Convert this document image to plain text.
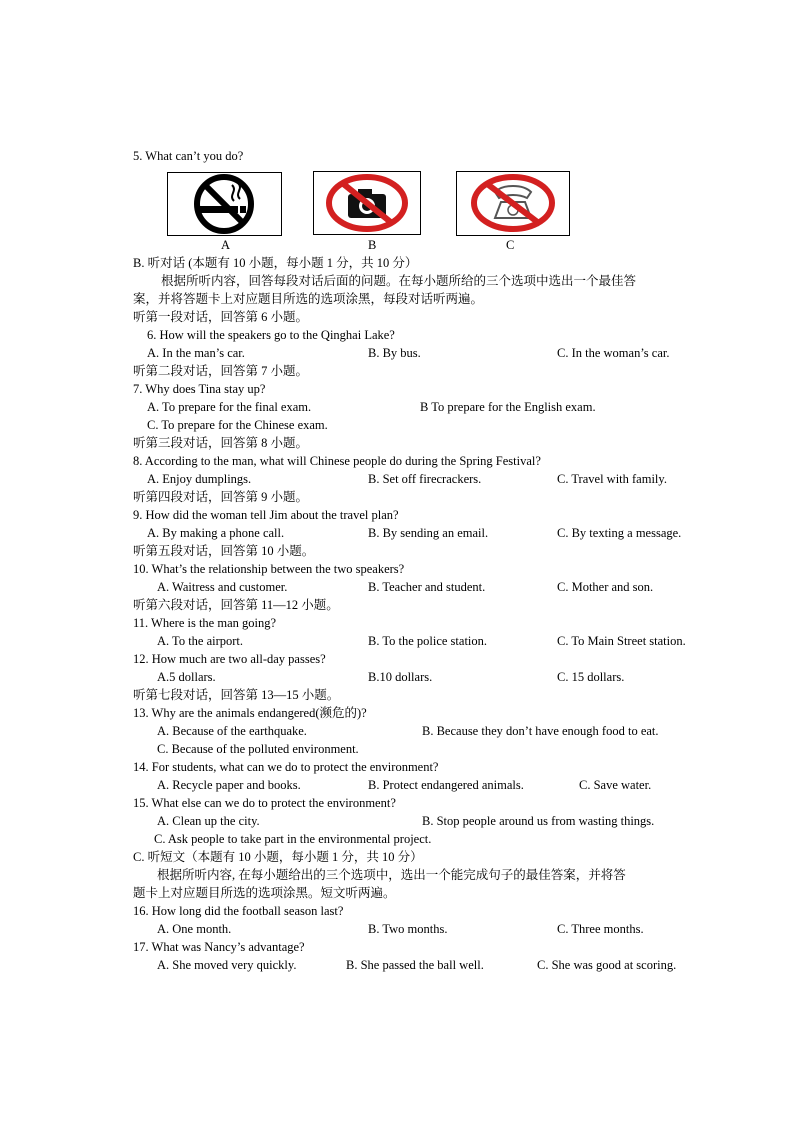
5. What can’t you do?
A	B	C
B. 听对话 (本题有 10 小题，每小题 1 分，共 10 分）
根据所听内容，回答每段对话后面的问题。在每小题所给的三个选项中选出一个最佳答
案，并将答题卡上对应题目所选的选项涂黑，每段对话听两遍。
听第一段对话，回答第 6 小题。
6. How will the speakers go to the Qinghai Lake?
A. In the man’s car.	B. By bus.	C. In the woman’s car.
听第二段对话，回答第 7 小题。
7. Why does Tina stay up?
A. To prepare for the final exam.	B To prepare for the English exam.
C. To prepare for the Chinese exam.
听第三段对话，回答第 8 小题。
8. According to the man, what will Chinese people do during the Spring Festival?
A. Enjoy dumplings.	B. Set off firecrackers.	C. Travel with family.
听第四段对话，回答第 9 小题。
9. How did the woman tell Jim about the travel plan?
A. By making a phone call.	B. By sending an email.	C. By texting a message.
听第五段对话，回答第 10 小题。
10. What’s the relationship between the two speakers?
A. Waitress and customer.	B. Teacher and student.	C. Mother and son.
听第六段对话，回答第 11—12 小题。
11. Where is the man going?
A. To the airport.	B. To the police station.	C. To Main Street station.
12. How much are two all-day passes?
A.5 dollars.	B.10 dollars.	C. 15 dollars.
听第七段对话，回答第 13—15 小题。
13. Why are the animals endangered(濒危的)?
A. Because of the earthquake.	B. Because they don’t have enough food to eat.
C. Because of the polluted environment.
14. For students, what can we do to protect the environment?
A. Recycle paper and books.	B. Protect endangered animals.	C. Save water.
15. What else can we do to protect the environment?
A. Clean up the city.	B. Stop people around us from wasting things.
C. Ask people to take part in the environmental project.
C. 听短文（本题有 10 小题，每小题 1 分，共 10 分）
根据所听内容, 在每小题给出的三个选项中，选出一个能完成句子的最佳答案，并将答
题卡上对应题目所选的选项涂黑。短文听两遍。
16. How long did the football season last?
A. One month.	B. Two months.	C. Three months.
17. What was Nancy’s advantage?
A. She moved very quickly.	B. She passed the ball well.	C. She was good at scoring.
